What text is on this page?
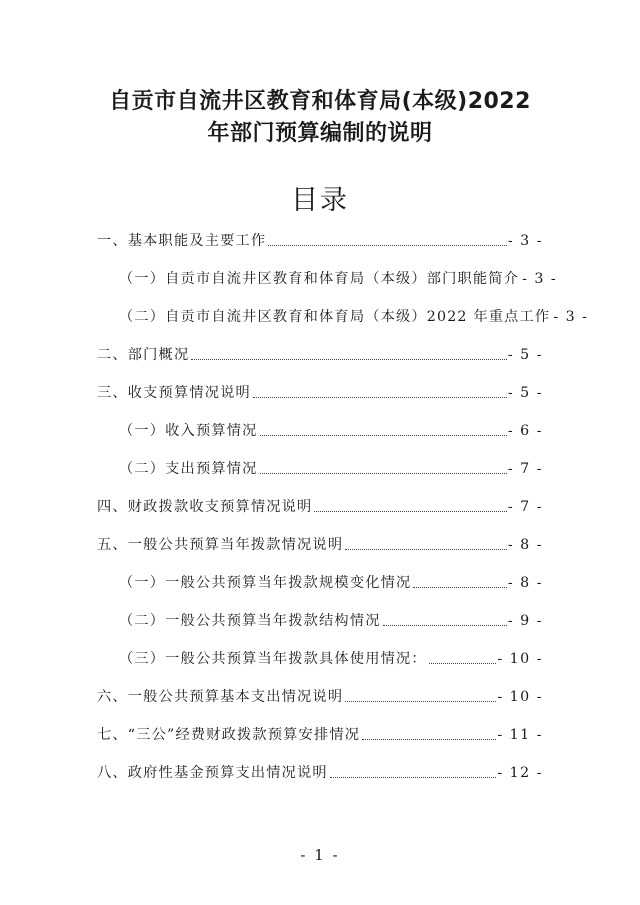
自贡市自流井区教育和体育局(本级)2022
年部门预算编制的说明
目录
一、基本职能及主要工作	- 3 -
（一）自贡市自流井区教育和体育局（本级）部门职能简介 - 3 -
（二）自贡市自流井区教育和体育局（本级）2022 年重点工作 - 3 -
二、部门概况	- 5 -
三、收支预算情况说明	- 5 -
（一）收入预算情况	- 6 -
（二）支出预算情况	- 7 -
四、财政拨款收支预算情况说明	- 7 -
五、一般公共预算当年拨款情况说明	- 8 -
（一）一般公共预算当年拨款规模变化情况	- 8 -
（二）一般公共预算当年拨款结构情况	- 9 -
（三）一般公共预算当年拨款具体使用情况：	- 10 -
六、一般公共预算基本支出情况说明	- 10 -
七、“三公”经费财政拨款预算安排情况	- 11 -
八、政府性基金预算支出情况说明	- 12 -
- 1 -
